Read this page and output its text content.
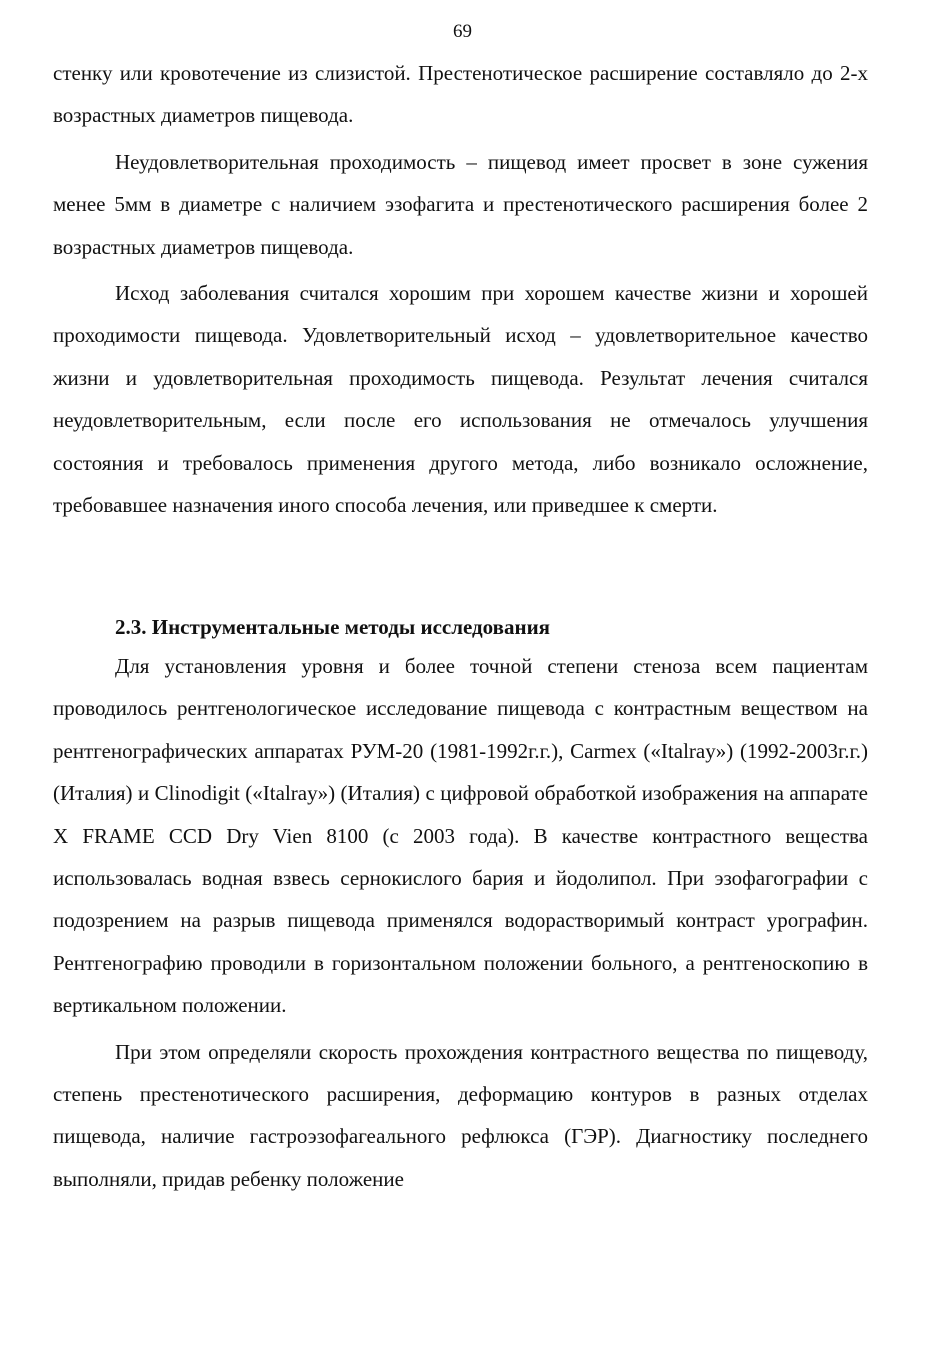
69

стенку или кровотечение из слизистой. Престенотическое расширение составляло до 2-х возрастных диаметров пищевода.

Неудовлетворительная проходимость – пищевод имеет просвет в зоне сужения менее 5мм в диаметре с наличием эзофагита и престенотического расширения более 2 возрастных диаметров пищевода.

Исход заболевания считался хорошим при хорошем качестве жизни и хорошей проходимости пищевода. Удовлетворительный исход – удовлетворительное качество жизни и удовлетворительная проходимость пищевода. Результат лечения считался неудовлетворительным, если после его использования не отмечалось улучшения состояния и требовалось применения другого метода, либо возникало осложнение, требовавшее назначения иного способа лечения, или приведшее к смерти.

2.3. Инструментальные методы исследования

Для установления уровня и более точной степени стеноза всем пациентам проводилось рентгенологическое исследование пищевода с контрастным веществом на рентгенографических аппаратах РУМ-20 (1981-1992г.г.), Carmex («Italray») (1992-2003г.г.) (Италия) и Clinodigit («Italray») (Италия) с цифровой обработкой изображения на аппарате X FRAME CCD Dry Vien 8100 (с 2003 года). В качестве контрастного вещества использовалась водная взвесь сернокислого бария и йодолипол. При эзофагографии с подозрением на разрыв пищевода применялся водорастворимый контраст урографин. Рентгенографию проводили в горизонтальном положении больного, а рентгеноскопию в вертикальном положении.

При этом определяли скорость прохождения контрастного вещества по пищеводу, степень престенотического расширения, деформацию контуров в разных отделах пищевода, наличие гастроэзофагеального рефлюкса (ГЭР). Диагностику последнего выполняли, придав ребенку положение
